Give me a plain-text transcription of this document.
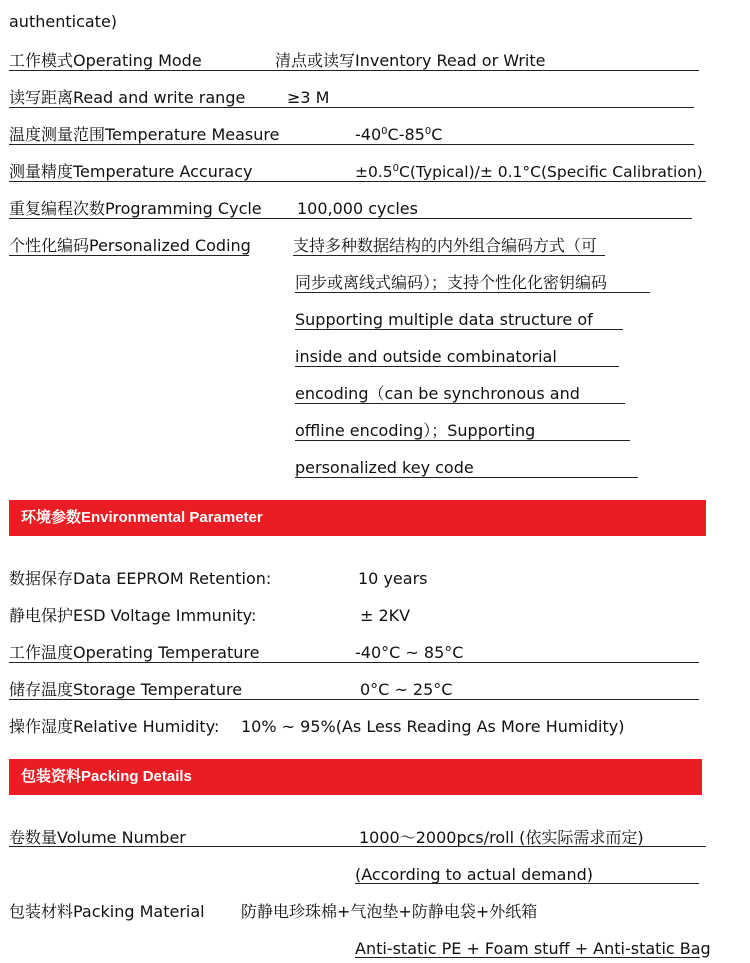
authenticate)
工作模式Operating Mode	清点或读写Inventory Read or Write
读写距离Read and write range	≥3 M
温度测量范围Temperature Measure	$-40^0C-85^0C$
测量精度Temperature Accuracy	$\pm 0.5^0C(Typical)/\pm$ 0.1°C(Specific Calibration)
重复编程次数Programming Cycle 100,000 cycles
个性化编码Personalized Coding	支持多种数据结构的内外组合编码方式（可
同步或离线式编码）；支持个性化化密钥编码
Supporting multiple data structure of
inside and outside combinatorial
encoding（can be synchronous and
offline encoding）；Supporting
personalized key code
环境参数Environmental Parameter
数据保存Data EEPROM Retention:	10 years
静电保护ESD Voltage Immunity:	± 2KV
工作温度Operating Temperature	-40°C ~ 85°C
储存温度Storage Temperature	0°C ~ 25°C
操作湿度Relative Humidity: 10% ~ 95%(As Less Reading As More Humidity)
包装资料Packing Details
卷数量Volume Number	1000～2000pcs/roll (依实际需求而定)
(According to actual demand)
包装材料Packing Material 防静电珍珠棉+气泡垫+防静电袋+外纸箱
Anti-static PE + Foam stuff + Anti-static Bag
